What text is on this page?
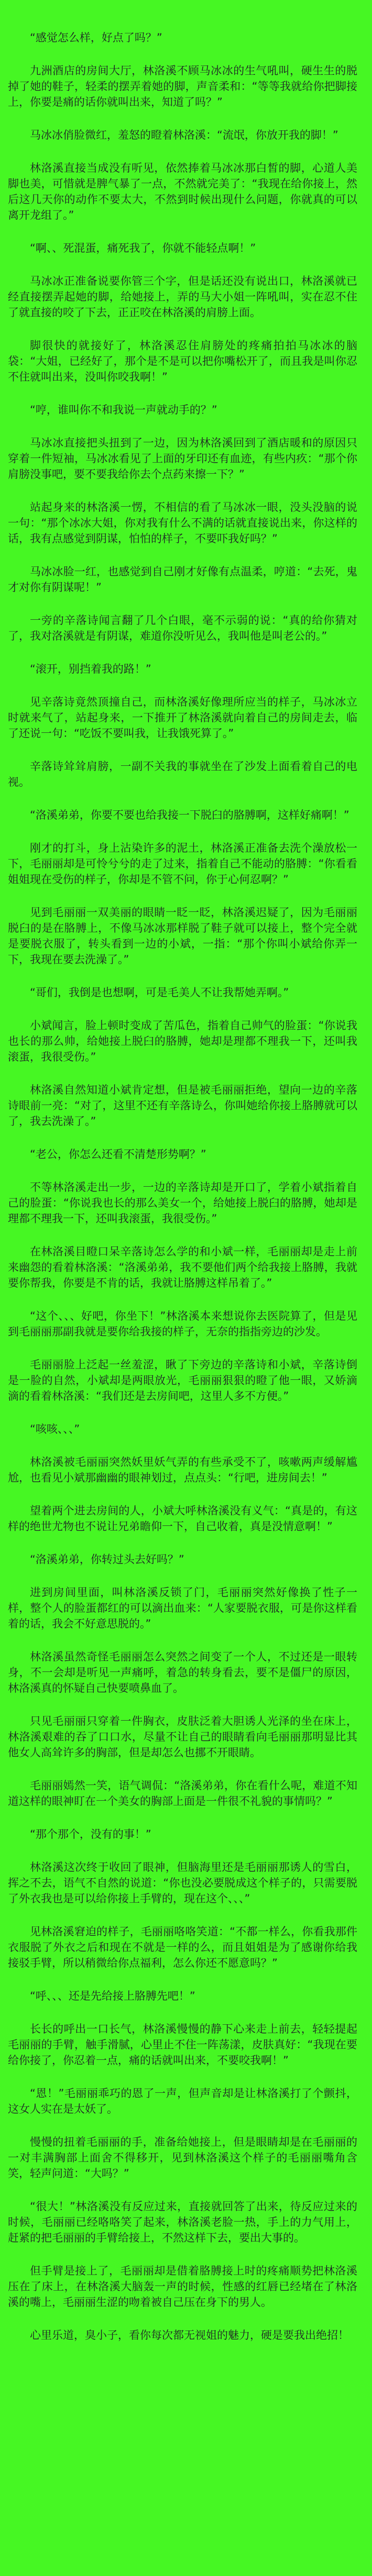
“感觉怎么样，好点了吗？”

九洲酒店的房间大厅，林洛溪不顾马冰冰的生气吼叫，硬生生的脱掉了她的鞋子，轻柔的摆弄着她的脚，声音柔和：“等等我就给你把脚接上，你要是痛的话你就叫出来，知道了吗？”

马冰冰俏脸微红，羞怒的瞪着林洛溪：“流氓，你放开我的脚！”

林洛溪直接当成没有听见，依然捧着马冰冰那白皙的脚，心道人美脚也美，可惜就是脾气暴了一点，不然就完美了：“我现在给你接上，然后这几天你的动作不要太大，不然到时候出现什么问题，你就真的可以离开龙组了。”

“啊、、死混蛋，痛死我了，你就不能轻点啊！”

马冰冰正准备说要你管三个字，但是话还没有说出口，林洛溪就已经直接摆弄起她的脚，给她接上，弄的马大小姐一阵吼叫，实在忍不住了就直接的咬了下去，正正咬在林洛溪的肩膀上面。

脚很快的就接好了，林洛溪忍住肩膀处的疼痛拍拍马冰冰的脑袋：“大姐，已经好了，那个是不是可以把你嘴松开了，而且我是叫你忍不住就叫出来，没叫你咬我啊！”

“哼，谁叫你不和我说一声就动手的？”

马冰冰直接把头扭到了一边，因为林洛溪回到了酒店暖和的原因只穿着一件短袖，马冰冰看见了上面的牙印还有血迹，有些内疚：“那个你肩膀没事吧，要不要我给你去个点药来擦一下？”

站起身来的林洛溪一愣，不相信的看了马冰冰一眼，没头没脑的说一句：“那个冰冰大姐，你对我有什么不满的话就直接说出来，你这样的话，我有点感觉到阴谋，怕怕的样子，不要吓我好吗？”

马冰冰脸一红，也感觉到自己刚才好像有点温柔，哼道：“去死，鬼才对你有阴谋呢！”

一旁的辛落诗闻言翻了几个白眼，毫不示弱的说：“真的给你猜对了，我对洛溪就是有阴谋，难道你没听见么，我叫他是叫老公的。”

“滚开，别挡着我的路！”

见辛落诗竟然顶撞自己，而林洛溪好像理所应当的样子，马冰冰立时就来气了，站起身来，一下推开了林洛溪就向着自己的房间走去，临了还说一句：“吃饭不要叫我，让我饿死算了。”

辛落诗耸耸肩膀，一副不关我的事就坐在了沙发上面看着自己的电视。

“洛溪弟弟，你要不要也给我接一下脱臼的胳膊啊，这样好痛啊！”

刚才的打斗，身上沾染许多的泥土，林洛溪正准备去洗个澡放松一下，毛丽丽却是可怜兮兮的走了过来，指着自己不能动的胳膊：“你看看姐姐现在受伤的样子，你却是不管不问，你于心何忍啊？”

见到毛丽丽一双美丽的眼睛一眨一眨，林洛溪迟疑了，因为毛丽丽脱臼的是在胳膊上，不像马冰冰那样脱了鞋子就可以接上，整个完全就是要脱衣服了，转头看到一边的小斌，一指：“那个你叫小斌给你弄一下，我现在要去洗澡了。”

“哥们，我倒是也想啊，可是毛美人不让我帮她弄啊。”

小斌闻言，脸上顿时变成了苦瓜色，指着自己帅气的脸蛋：“你说我也长的那么帅，给她接上脱臼的胳膊，她却是理都不理我一下，还叫我滚蛋，我很受伤。”

林洛溪自然知道小斌肯定想，但是被毛丽丽拒绝，望向一边的辛落诗眼前一亮：“对了，这里不还有辛落诗么，你叫她给你接上胳膊就可以了，我去洗澡了。”

“老公，你怎么还看不清楚形势啊？”

不等林洛溪走出一步，一边的辛落诗却是开口了，学着小斌指着自己的脸蛋：“你说我也长的那么美女一个，给她接上脱臼的胳膊，她却是理都不理我一下，还叫我滚蛋，我很受伤。”

在林洛溪目瞪口呆辛落诗怎么学的和小斌一样，毛丽丽却是走上前来幽怨的看着林洛溪：“洛溪弟弟，我不要他们两个给我接上胳膊，我就要你帮我，你要是不肯的话，我就让胳膊这样吊着了。”

“这个、、、好吧，你坐下！”林洛溪本来想说你去医院算了，但是见到毛丽丽那副我就是要你给我接的样子，无奈的指指旁边的沙发。

毛丽丽脸上泛起一丝羞涩，瞅了下旁边的辛落诗和小斌，辛落诗倒是一脸的自然，小斌却是两眼放光，毛丽丽狠狠的瞪了他一眼，又娇滴滴的看着林洛溪：“我们还是去房间吧，这里人多不方便。”

“咳咳、、、”

林洛溪被毛丽丽突然妖里妖气弄的有些承受不了，咳嗽两声缓解尴尬，也看见小斌那幽幽的眼神划过，点点头：“行吧，进房间去！”

望着两个进去房间的人，小斌大呼林洛溪没有义气：“真是的，有这样的绝世尤物也不说让兄弟瞻仰一下，自己收着，真是没情意啊！”

“洛溪弟弟，你转过头去好吗？”

进到房间里面，叫林洛溪反锁了门，毛丽丽突然好像换了性子一样，整个人的脸蛋都红的可以滴出血来：“人家要脱衣服，可是你这样看着的话，我会不好意思脱的。”

林洛溪虽然奇怪毛丽丽怎么突然之间变了一个人，不过还是一眼转身，不一会却是听见一声痛呼，着急的转身看去，要不是僵尸的原因，林洛溪真的怀疑自己快要喷鼻血了。

只见毛丽丽只穿着一件胸衣，皮肤泛着大胆诱人光泽的坐在床上，林洛溪艰难的吞了口口水，尽量不让自己的眼睛看向毛丽丽那明显比其他女人高耸许多的胸部，但是却怎么也挪不开眼睛。

毛丽丽嫣然一笑，语气调侃：“洛溪弟弟，你在看什么呢，难道不知道这样的眼神盯在一个美女的胸部上面是一件很不礼貌的事情吗？”

“那个那个，没有的事！”

林洛溪这次终于收回了眼神，但脑海里还是毛丽丽那诱人的雪白，挥之不去，语气不自然的说道：“你也没必要脱成这个样子的，只需要脱了外衣我也是可以给你接上手臂的，现在这个、、、”

见林洛溪窘迫的样子，毛丽丽咯咯笑道：“不都一样么，你看我那件衣服脱了外衣之后和现在不就是一样的么，而且姐姐是为了感谢你给我接驳手臂，所以稍微给你点福利，怎么你还不愿意吗？”

“呼、、、还是先给接上胳膊先吧！”

长长的呼出一口长气，林洛溪慢慢的静下心来走上前去，轻轻提起毛丽丽的手臂，触手滑腻，心里止不住一阵荡漾，皮肤真好：“我现在要给你接了，你忍着一点，痛的话就叫出来，不要咬我啊！”

“恩！”毛丽丽乖巧的恩了一声，但声音却是让林洛溪打了个颤抖，这女人实在是太妖了。

慢慢的扭着毛丽丽的手，准备给她接上，但是眼睛却是在毛丽丽的一对丰满胸部上面舍不得移开，见到林洛溪这个样子的毛丽丽嘴角含笑，轻声问道：“大吗？”

“很大！”林洛溪没有反应过来，直接就回答了出来，待反应过来的时候，毛丽丽已经咯咯笑了起来，林洛溪老脸一热，手上的力气用上，赶紧的把毛丽丽的手臂给接上，不然这样下去，要出大事的。

但手臂是接上了，毛丽丽却是借着胳膊接上时的疼痛顺势把林洛溪压在了床上，在林洛溪大脑轰一声的时候，性感的红唇已经堵在了林洛溪的嘴上，毛丽丽生涩的吻着被自己压在身下的男人。

心里乐道，臭小子，看你每次都无视姐的魅力，硬是要我出绝招！
